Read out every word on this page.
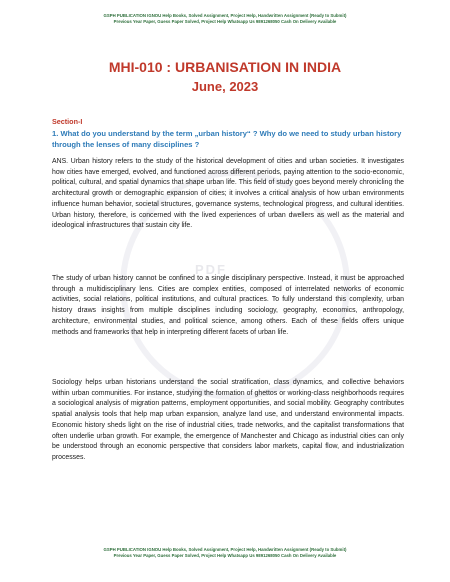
GSPH PUBLICATION IGNOU Help Books, Solved Assignment, Project Help, Handwritten Assignment (Ready to Submit)
Previous Year Paper, Guess Paper Solved, Project Help Whatsapp Us 9891268050 Cash On Delivery Available
PDF
MHI-010 : URBANISATION IN INDIA
June, 2023
Section-I
1. What do you understand by the term „urban history“ ? Why do we need to study urban history through the lenses of many disciplines ?
ANS. Urban history refers to the study of the historical development of cities and urban societies. It investigates how cities have emerged, evolved, and functioned across different periods, paying attention to the socio-economic, political, cultural, and spatial dynamics that shape urban life. This field of study goes beyond merely chronicling the architectural growth or demographic expansion of cities; it involves a critical analysis of how urban environments influence human behavior, societal structures, governance systems, technological progress, and cultural identities. Urban history, therefore, is concerned with the lived experiences of urban dwellers as well as the material and ideological infrastructures that sustain city life.
The study of urban history cannot be confined to a single disciplinary perspective. Instead, it must be approached through a multidisciplinary lens. Cities are complex entities, composed of interrelated networks of economic activities, social relations, political institutions, and cultural practices. To fully understand this complexity, urban history draws insights from multiple disciplines including sociology, geography, economics, anthropology, architecture, environmental studies, and political science, among others. Each of these fields offers unique methods and frameworks that help in interpreting different facets of urban life.
Sociology helps urban historians understand the social stratification, class dynamics, and collective behaviors within urban communities. For instance, studying the formation of ghettos or working-class neighborhoods requires a sociological analysis of migration patterns, employment opportunities, and social mobility. Geography contributes spatial analysis tools that help map urban expansion, analyze land use, and understand environmental impacts. Economic history sheds light on the rise of industrial cities, trade networks, and the capitalist transformations that often underlie urban growth. For example, the emergence of Manchester and Chicago as industrial cities can only be understood through an economic perspective that considers labor markets, capital flow, and industrialization processes.
GSPH PUBLICATION IGNOU Help Books, Solved Assignment, Project Help, Handwritten Assignment (Ready to Submit)
Previous Year Paper, Guess Paper Solved, Project Help Whatsapp Us 9891268050 Cash On Delivery Available
